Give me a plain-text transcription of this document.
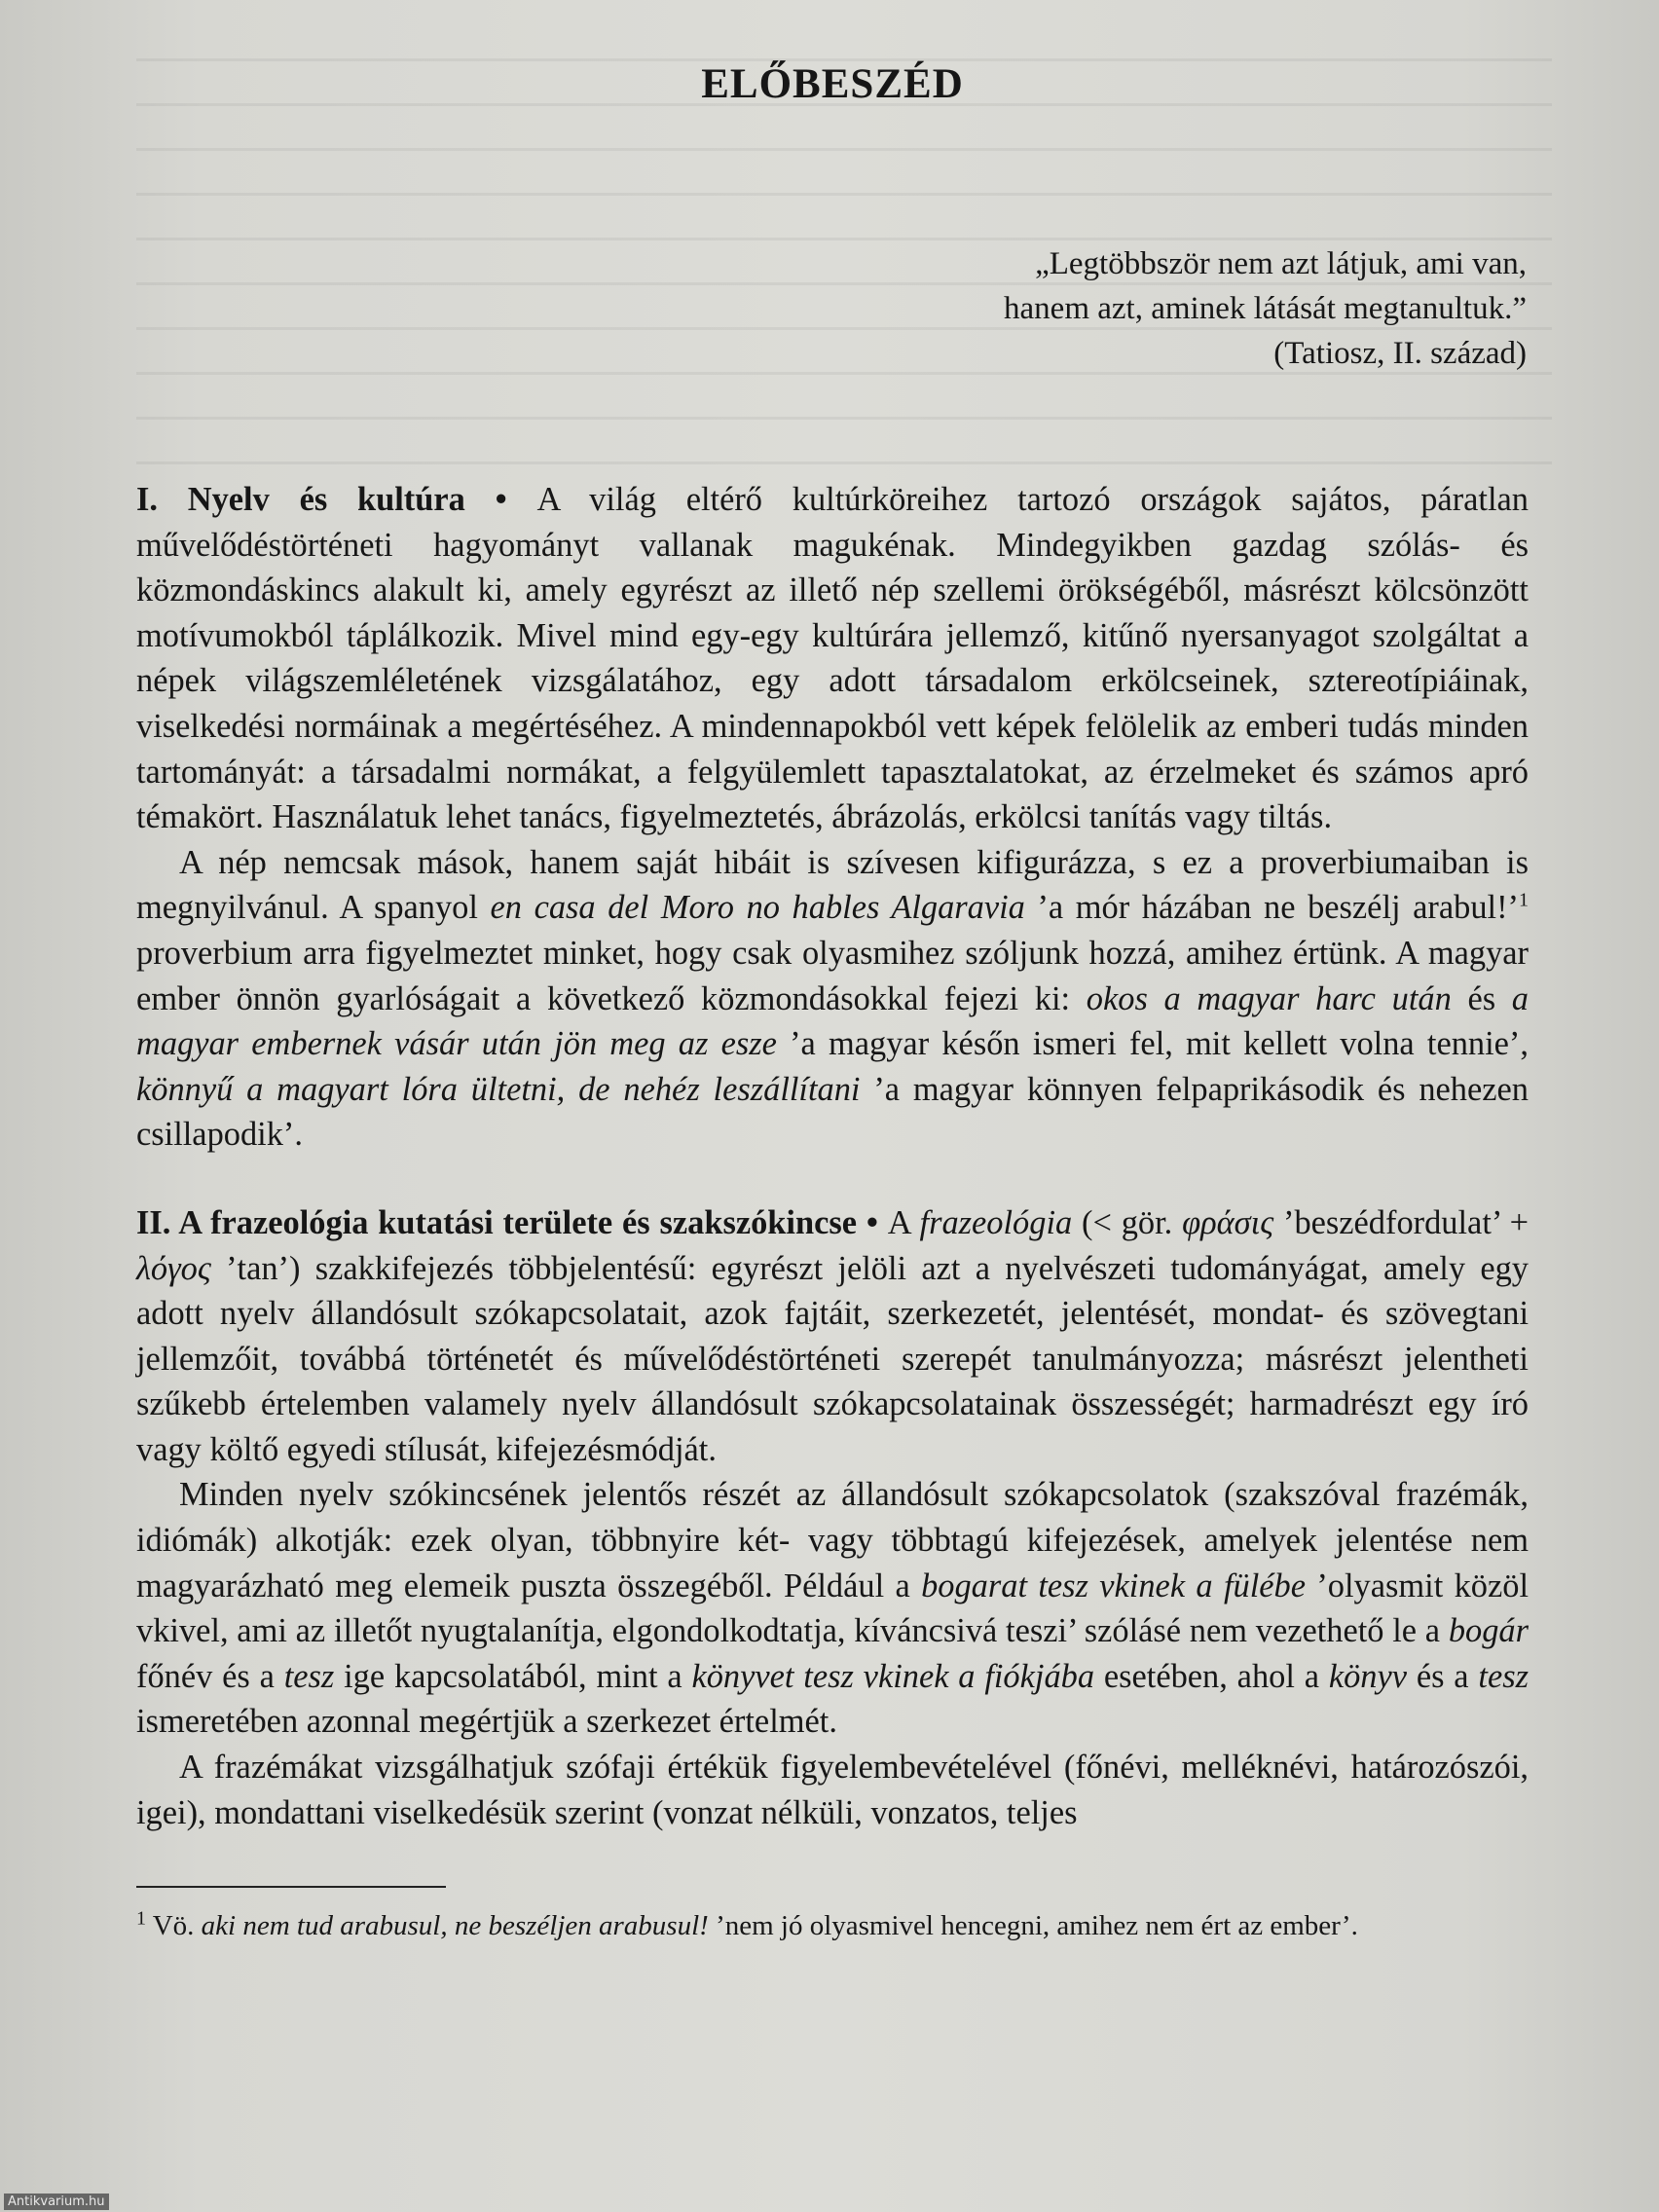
ELŐBESZÉD
„Legtöbbször nem azt látjuk, ami van,
hanem azt, aminek látását megtanultuk.”
(Tatiosz, II. század)

I. Nyelv és kultúra • A világ eltérő kultúrköreihez tartozó országok sajátos, páratlan művelődéstörténeti hagyományt vallanak magukénak. Mindegyikben gazdag szólás- és közmondáskincs alakult ki, amely egyrészt az illető nép szellemi örökségéből, másrészt kölcsönzött motívumokból táplálkozik. Mivel mind egy-egy kultúrára jellemző, kitűnő nyersanyagot szolgáltat a népek világszemléletének vizsgálatához, egy adott társadalom erkölcseinek, sztereotípiáinak, viselkedési normáinak a megértéséhez. A mindennapokból vett képek felölelik az emberi tudás minden tartományát: a társadalmi normákat, a felgyülemlett tapasztalatokat, az érzelmeket és számos apró témakört. Használatuk lehet tanács, figyelmeztetés, ábrázolás, erkölcsi tanítás vagy tiltás.

A nép nemcsak mások, hanem saját hibáit is szívesen kifigurázza, s ez a proverbiumaiban is megnyilvánul. A spanyol en casa del Moro no hables Algaravia ’a mór házában ne beszélj arabul!’$^1$ proverbium arra figyelmeztet minket, hogy csak olyasmihez szóljunk hozzá, amihez értünk. A magyar ember önnön gyarlóságait a következő közmondásokkal fejezi ki: okos a magyar harc után és a magyar embernek vásár után jön meg az esze ’a magyar későn ismeri fel, mit kellett volna tennie’, könnyű a magyart lóra ültetni, de nehéz leszállítani ’a magyar könnyen felpaprikásodik és nehezen csillapodik’.

II. A frazeológia kutatási területe és szakszókincse • A frazeológia (< gör. φράσις ’beszédfordulat’ + λόγος ’tan’) szakkifejezés többjelentésű: egyrészt jelöli azt a nyelvészeti tudományágat, amely egy adott nyelv állandósult szókapcsolatait, azok fajtáit, szerkezetét, jelentését, mondat- és szövegtani jellemzőit, továbbá történetét és művelődéstörténeti szerepét tanulmányozza; másrészt jelentheti szűkebb értelemben valamely nyelv állandósult szókapcsolatainak összességét; harmadrészt egy író vagy költő egyedi stílusát, kifejezésmódját.

Minden nyelv szókincsének jelentős részét az állandósult szókapcsolatok (szakszóval frazémák, idiómák) alkotják: ezek olyan, többnyire két- vagy többtagú kifejezések, amelyek jelentése nem magyarázható meg elemeik puszta összegéből. Például a bogarat tesz vkinek a fülébe ’olyasmit közöl vkivel, ami az illetőt nyugtalanítja, elgondolkodtatja, kíváncsivá teszi’ szólásé nem vezethető le a bogár főnév és a tesz ige kapcsolatából, mint a könyvet tesz vkinek a fiókjába esetében, ahol a könyv és a tesz ismeretében azonnal megértjük a szerkezet értelmét.

A frazémákat vizsgálhatjuk szófaji értékük figyelembevételével (főnévi, melléknévi, határozószói, igei), mondattani viselkedésük szerint (vonzat nélküli, vonzatos, teljes

$^1$ Vö. aki nem tud arabusul, ne beszéljen arabusul! ’nem jó olyasmivel hencegni, amihez nem ért az ember’.
Antikvarium.hu
